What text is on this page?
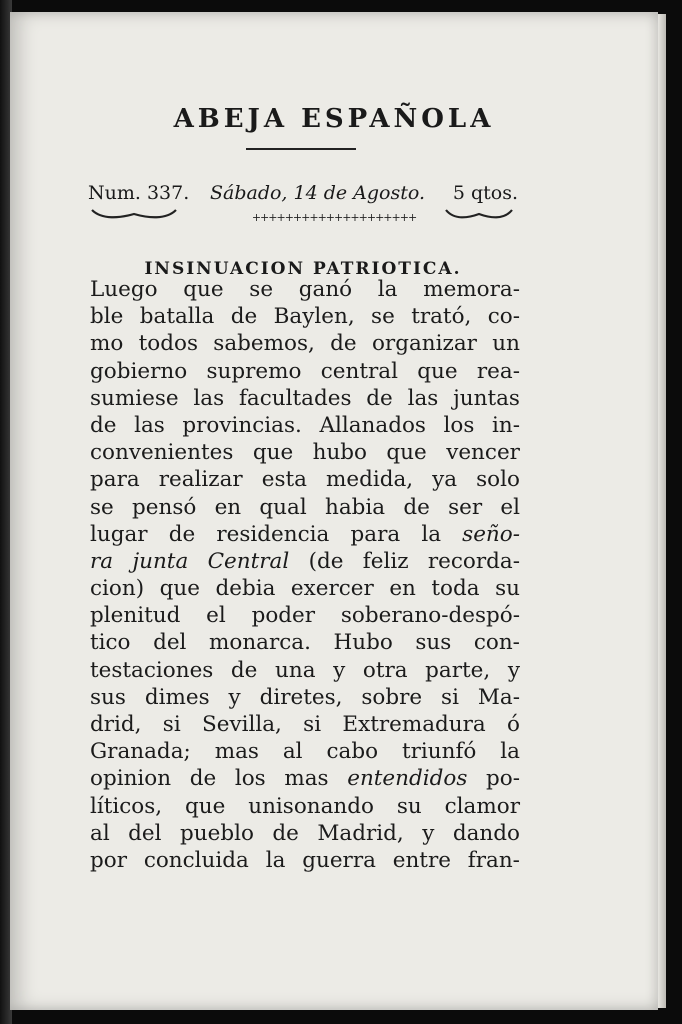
ABEJA ESPAÑOLA
Num. 337. Sábado, 14 de Agosto. 5 qtos.
++++++++++++++++++++
INSINUACION PATRIOTICA.
Luego que se ganó la memora-
ble batalla de Baylen, se trató, co-
mo todos sabemos, de organizar un
gobierno supremo central que rea-
sumiese las facultades de las juntas
de las provincias. Allanados los in-
convenientes que hubo que vencer
para realizar esta medida, ya solo
se pensó en qual habia de ser el
lugar de residencia para la seño-
ra junta Central (de feliz recorda-
cion) que debia exercer en toda su
plenitud el poder soberano-despó-
tico del monarca. Hubo sus con-
testaciones de una y otra parte, y
sus dimes y diretes, sobre si Ma-
drid, si Sevilla, si Extremadura ó
Granada; mas al cabo triunfó la
opinion de los mas entendidos po-
líticos, que unisonando su clamor
al del pueblo de Madrid, y dando
por concluida la guerra entre fran-
